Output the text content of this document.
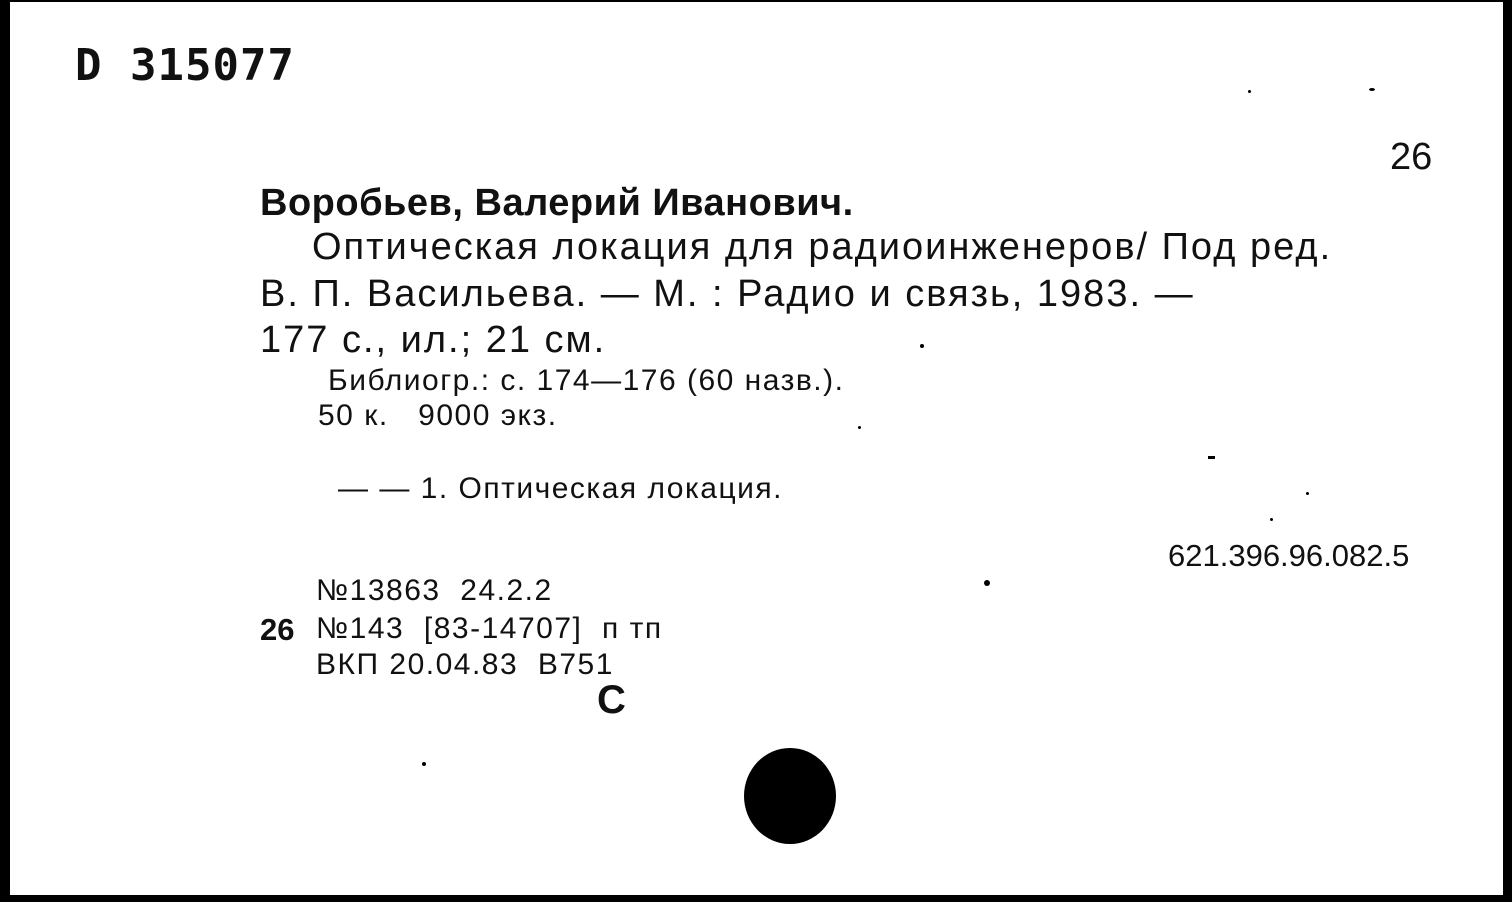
D 315077
26
Воробьев, Валерий Иванович.
Оптическая локация для радиоинженеров/ Под ред.
В. П. Васильева. — М. : Радио и связь, 1983. —
177 с., ил.; 21 см.
Библиогр.: с. 174—176 (60 назв.).
50 к.   9000 экз.
— — 1. Оптическая локация.
621.396.96.082.5
№13863  24.2.2
26 №143  [83-14707]  п тп
ВКП 20.04.83  В751
С
